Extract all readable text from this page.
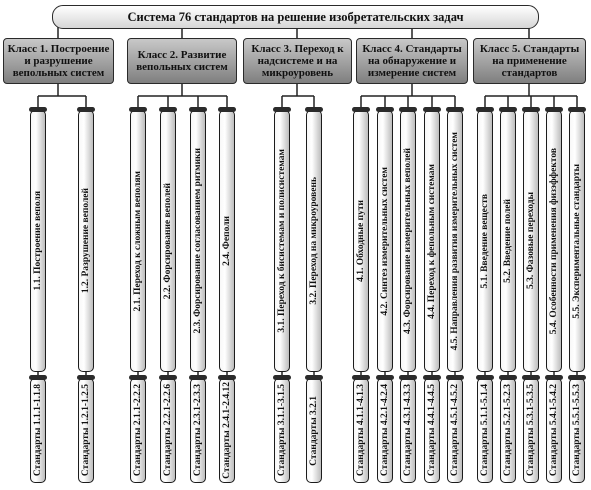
Система 76 стандартов на решение изобретательских задач
Класс 1. Построение и разрушение вепольных систем
Класс 2. Развитие вепольных систем
Класс 3. Переход к надсистеме и на микроуровень
Класс 4. Стандарты на обнаружение и измерение систем
Класс 5. Стандарты на применение стандартов
1.1. Построение веполя
Стандарты 1.1.1-1.1.8
1.2. Разрушение веполей
Стандарты 1.2.1-1.2.5
2.1. Переход к сложным веполям
Стандарты 2.1.1-2.2.2
2.2. Форсирование веполей
Стандарты 2.2.1-2.2.6
2.3. Форсирование согласованием ритмики
Стандарты 2.3.1-2.3.3
2.4. Феполи
Стандарты 2.4.1-2.4.12
3.1. Переход к бисистемам и полисистемам
Стандарты 3.1.1-3.1.5
3.2. Переход на микроуровень
Стандарты 3.2.1
4.1. Обходные пути
Стандарты 4.1.1-4.1.3
4.2. Синтез измерительных систем
Стандарты 4.2.1-4.2.4
4.3. Форсирование измерительных веполей
Стандарты 4.3.1-4.3.3
4.4. Переход к фепольным системам
Стандарты 4.4.1-4.4.5
4.5. Направления развития измерительных систем
Стандарты 4.5.1-4.5.2
5.1. Введение веществ
Стандарты 5.1.1-5.1.4
5.2. Введение полей
Стандарты 5.2.1-5.2.3
5.3. Фазовые переходы
Стандарты 5.3.1-5.3.5
5.4. Особенности применения физэффектов
Стандарты 5.4.1-5.4.2
5.5. Экспериментальные стандарты
Стандарты 5.5.1-5.5.3
